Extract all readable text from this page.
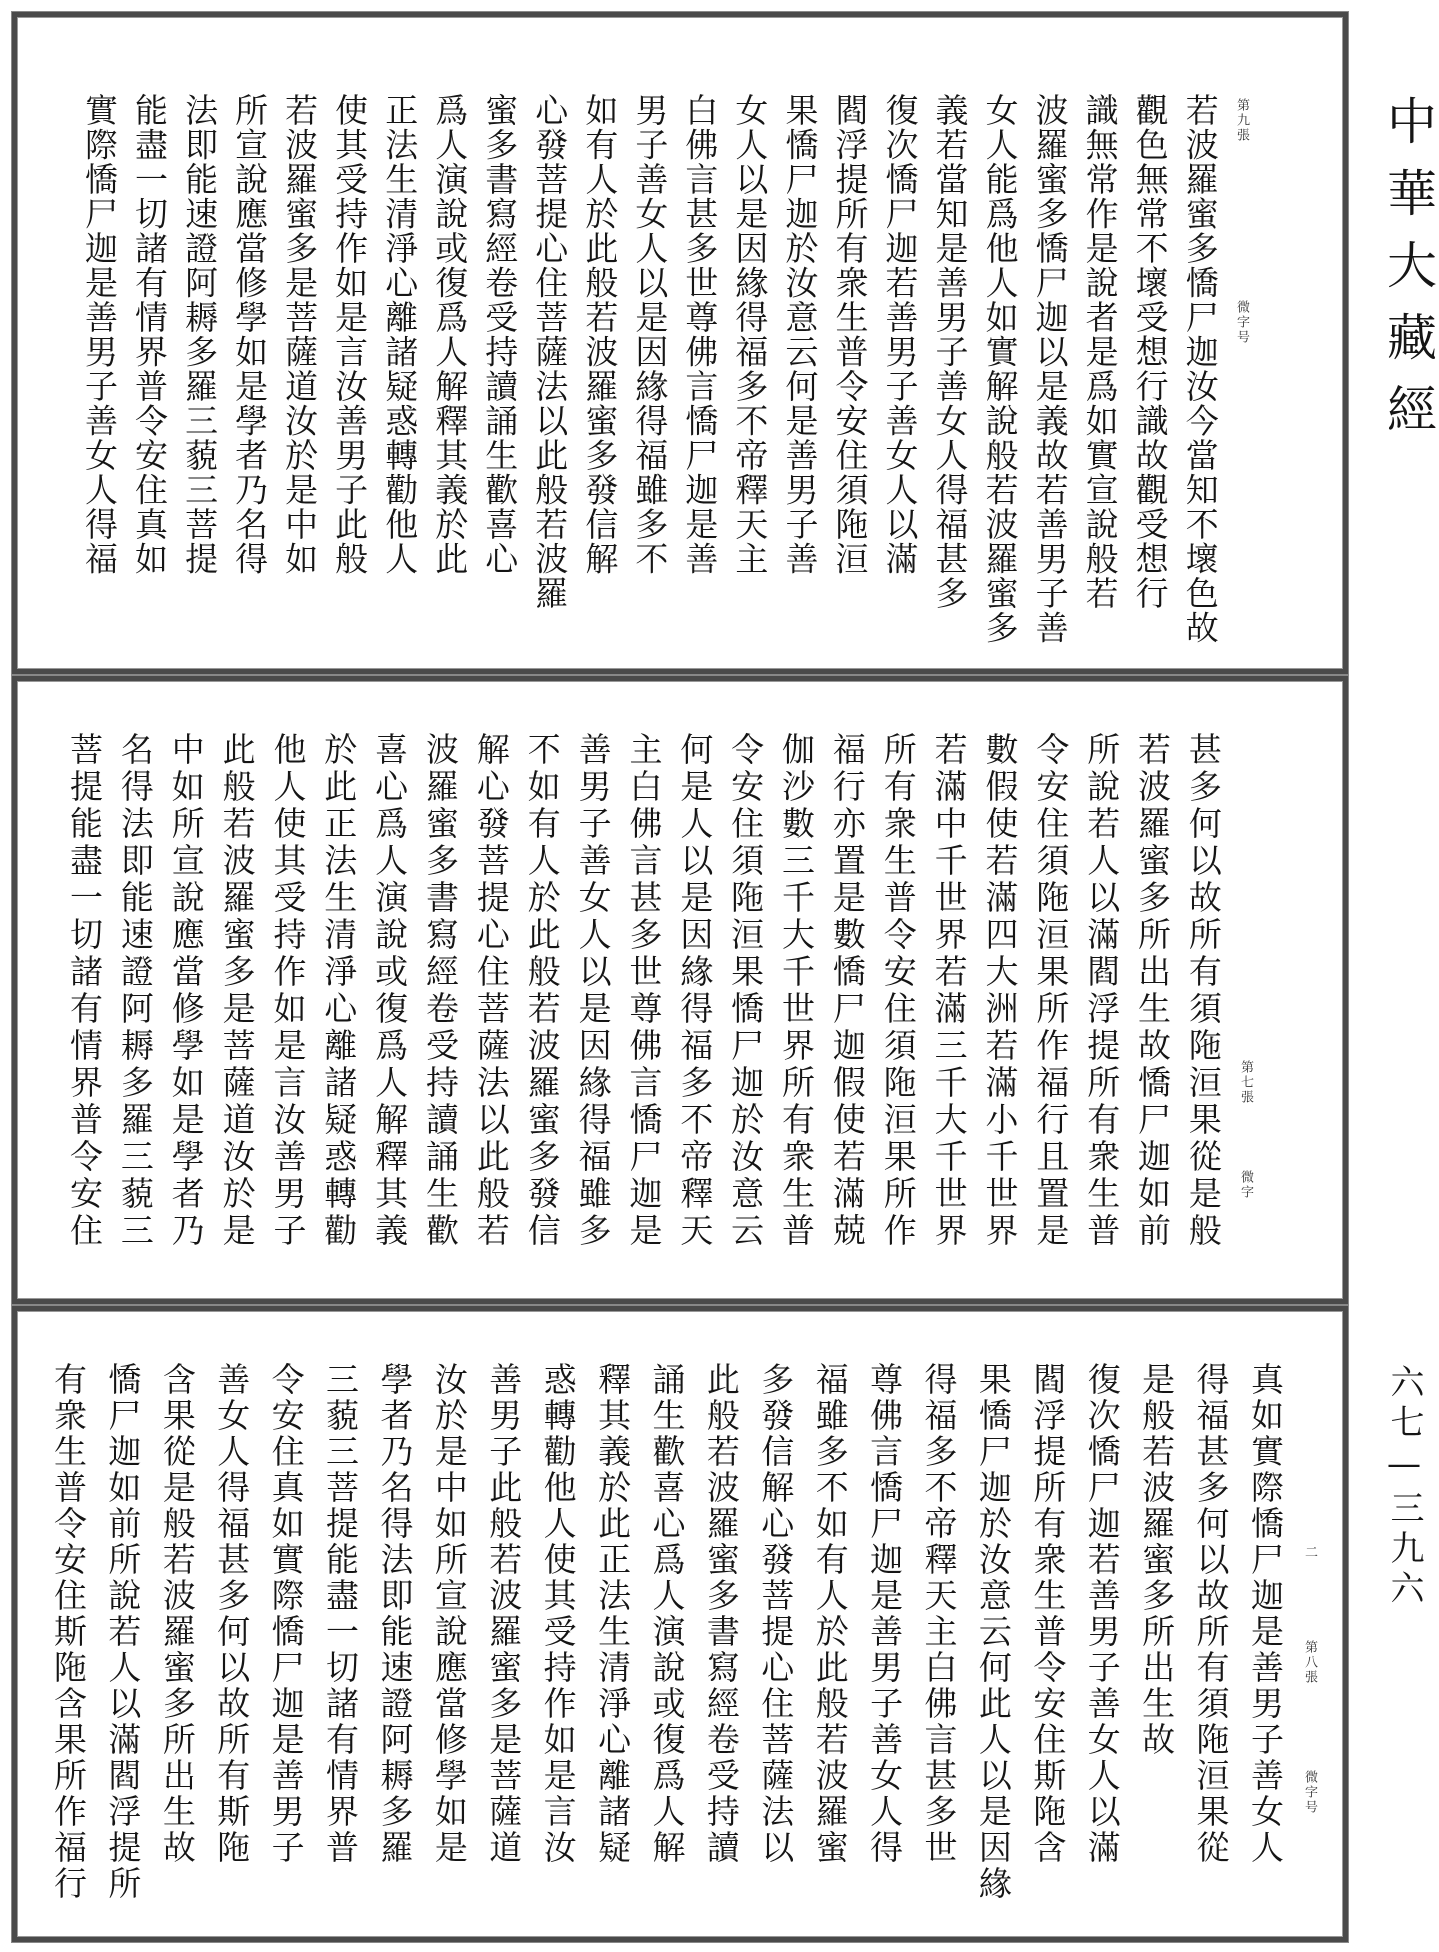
若波羅蜜多憍尸迦汝今當知不壞色故
觀色無常不壞受想行識故觀受想行
識無常作是說者是爲如實宣說般若
波羅蜜多憍尸迦以是義故若善男子善
女人能爲他人如實解說般若波羅蜜多
義若當知是善男子善女人得福甚多
復次憍尸迦若善男子善女人以滿
閻浮提所有衆生普令安住須陁洹
果憍尸迦於汝意云何是善男子善
女人以是因緣得福多不帝釋天主
白佛言甚多世尊佛言憍尸迦是善
男子善女人以是因緣得福雖多不
如有人於此般若波羅蜜多發信解
心發菩提心住菩薩法以此般若波羅
蜜多書寫經卷受持讀誦生歡喜心
爲人演說或復爲人解釋其義於此
正法生清淨心離諸疑惑轉勸他人
使其受持作如是言汝善男子此般
若波羅蜜多是菩薩道汝於是中如
所宣說應當修學如是學者乃名得
法即能速證阿耨多羅三藐三菩提
能盡一切諸有情界普令安住真如
實際憍尸迦是善男子善女人得福
甚多何以故所有須陁洹果從是般
若波羅蜜多所出生故憍尸迦如前
所說若人以滿閻浮提所有衆生普
令安住須陁洹果所作福行且置是
數假使若滿四大洲若滿小千世界
若滿中千世界若滿三千大千世界
所有衆生普令安住須陁洹果所作
福行亦置是數憍尸迦假使若滿兢
伽沙數三千大千世界所有衆生普
令安住須陁洹果憍尸迦於汝意云
何是人以是因緣得福多不帝釋天
主白佛言甚多世尊佛言憍尸迦是
善男子善女人以是因緣得福雖多
不如有人於此般若波羅蜜多發信
解心發菩提心住菩薩法以此般若
波羅蜜多書寫經卷受持讀誦生歡
喜心爲人演說或復爲人解釋其義
於此正法生清淨心離諸疑惑轉勸
他人使其受持作如是言汝善男子
此般若波羅蜜多是菩薩道汝於是
中如所宣說應當修學如是學者乃
名得法即能速證阿耨多羅三藐三
菩提能盡一切諸有情界普令安住
真如實際憍尸迦是善男子善女人
得福甚多何以故所有須陁洹果從
是般若波羅蜜多所出生故
復次憍尸迦若善男子善女人以滿
閻浮提所有衆生普令安住斯陁含
果憍尸迦於汝意云何此人以是因緣
得福多不帝釋天主白佛言甚多世
尊佛言憍尸迦是善男子善女人得
福雖多不如有人於此般若波羅蜜
多發信解心發菩提心住菩薩法以
此般若波羅蜜多書寫經卷受持讀
誦生歡喜心爲人演說或復爲人解
釋其義於此正法生清淨心離諸疑
惑轉勸他人使其受持作如是言汝
善男子此般若波羅蜜多是菩薩道
汝於是中如所宣說應當修學如是
學者乃名得法即能速證阿耨多羅
三藐三菩提能盡一切諸有情界普
令安住真如實際憍尸迦是善男子
善女人得福甚多何以故所有斯陁
含果從是般若波羅蜜多所出生故
憍尸迦如前所說若人以滿閻浮提所
有衆生普令安住斯陁含果所作福行
第九張
微字号
第七張
微字
二
第八張
微字号
中華大藏經
六七—三九六
